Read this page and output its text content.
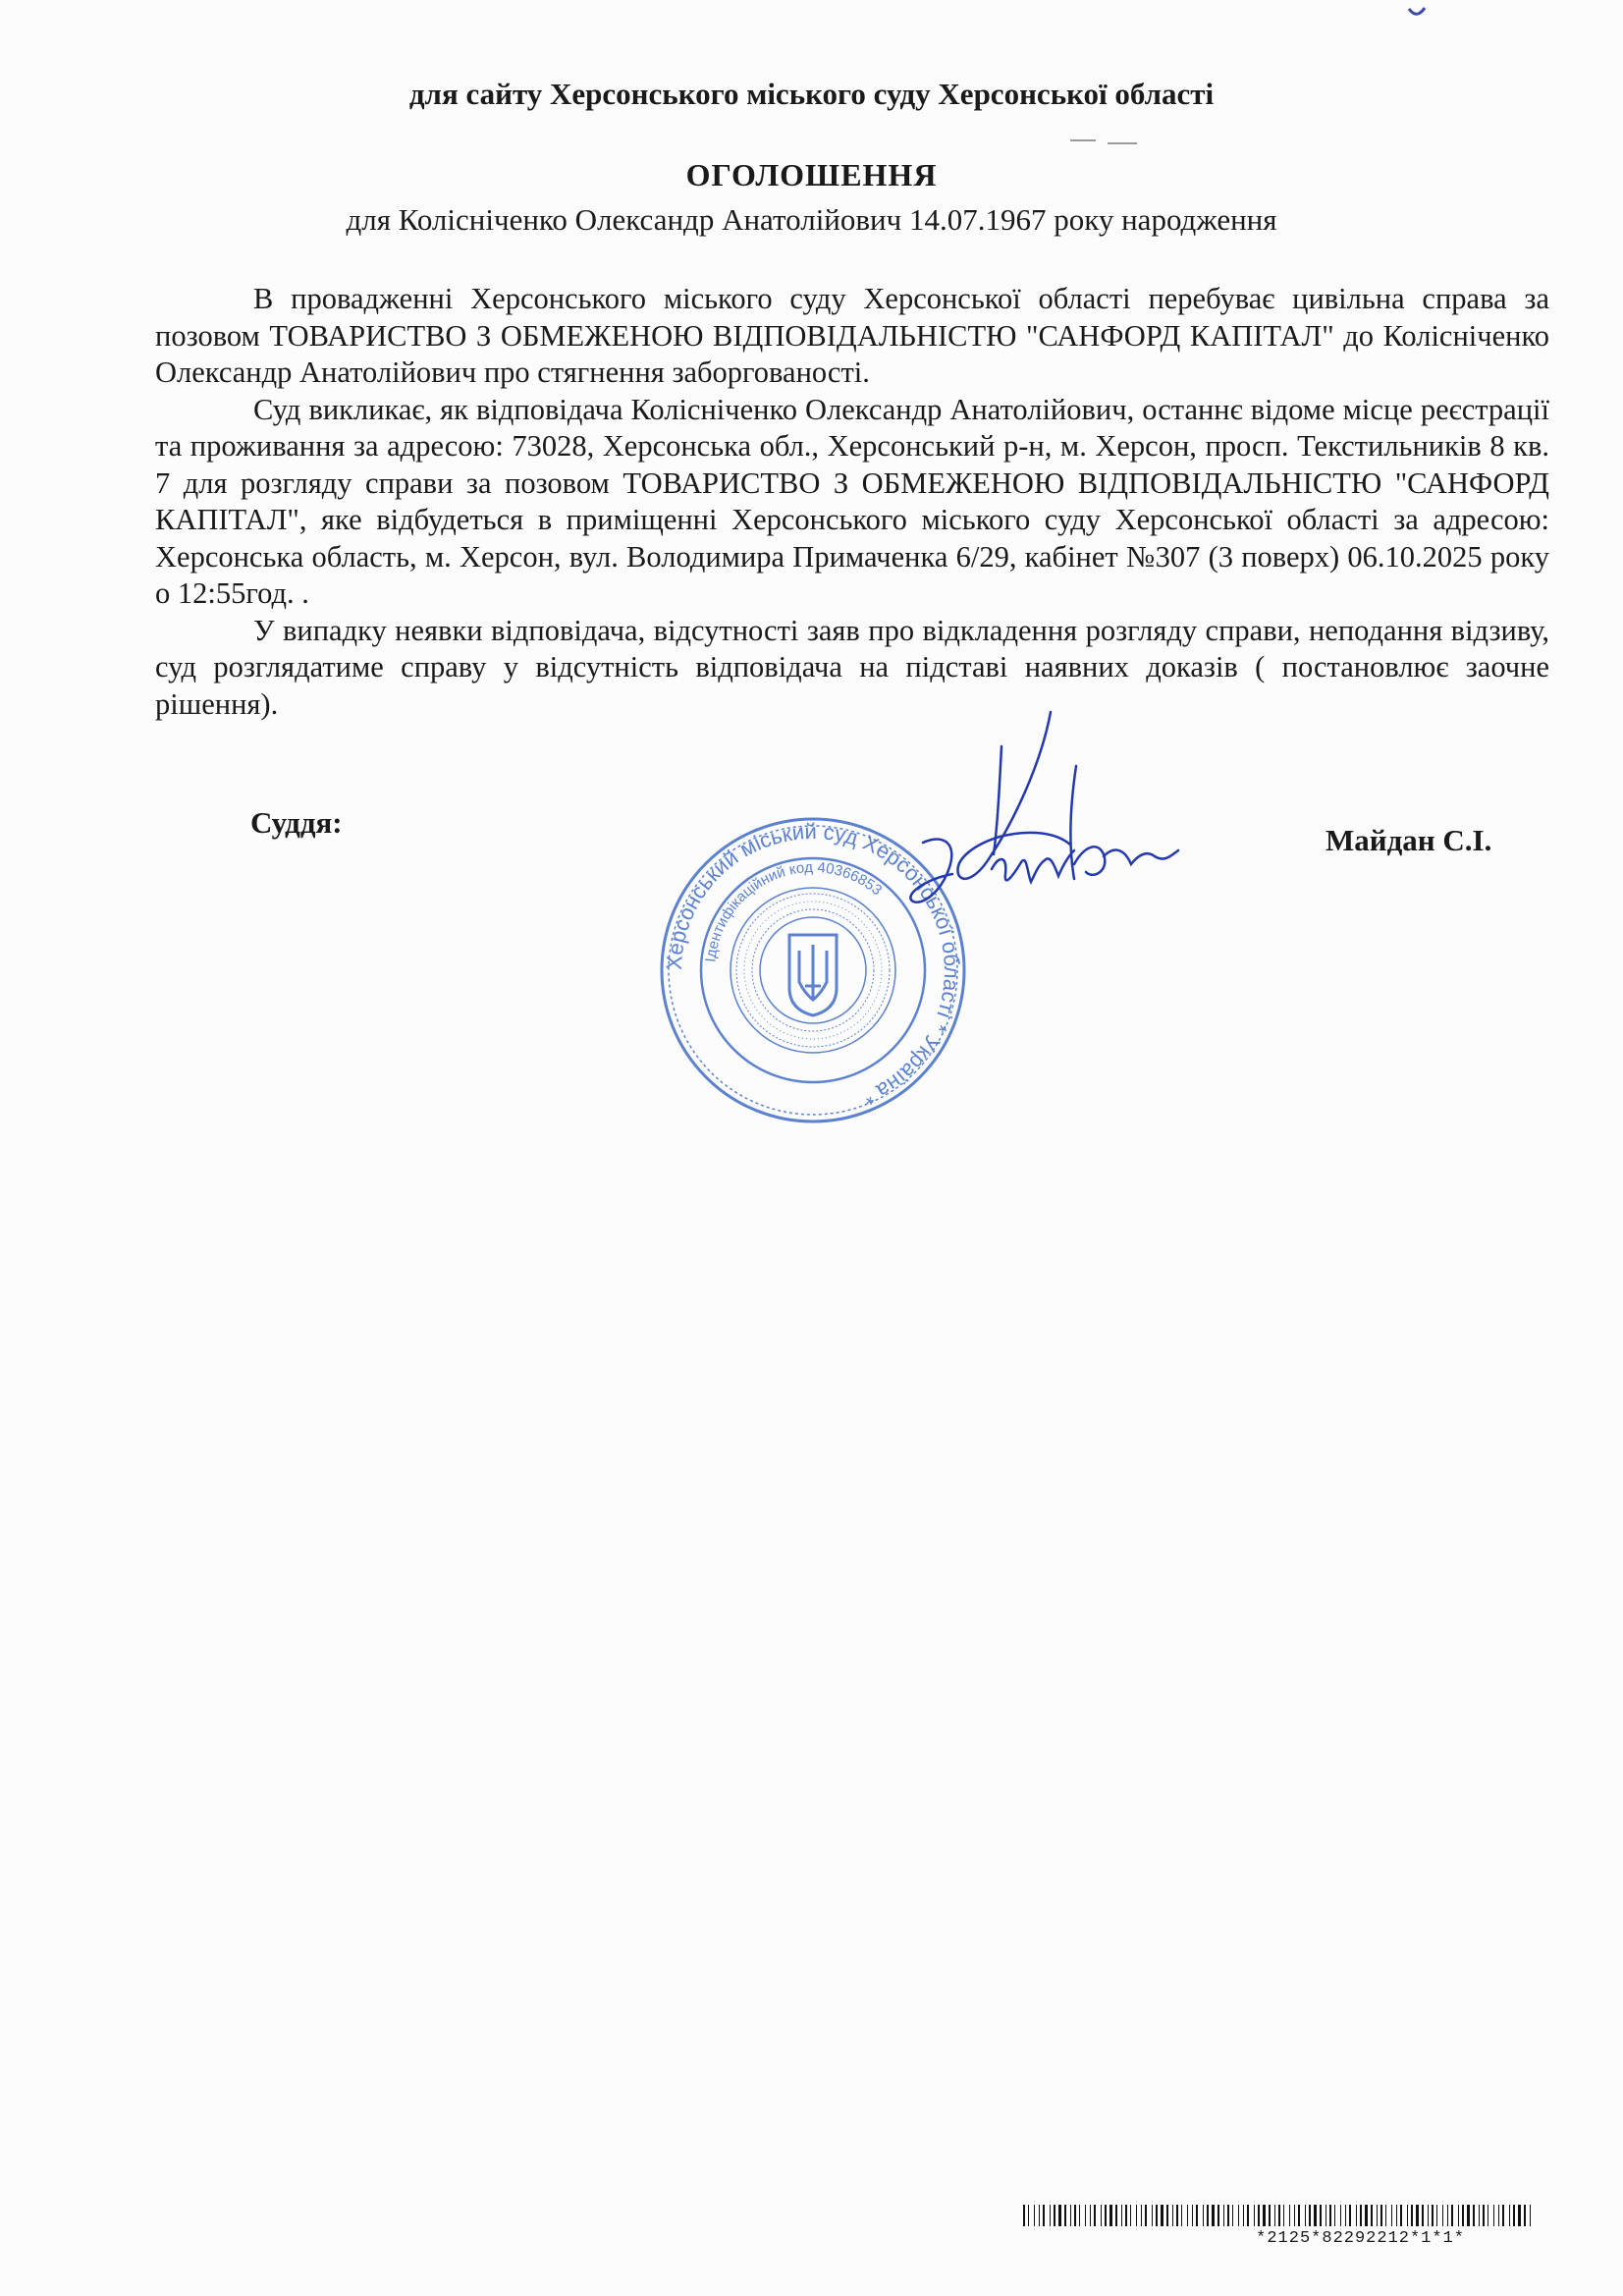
для сайту Херсонського міського суду Херсонської області
ОГОЛОШЕННЯ
для Колісніченко Олександр Анатолійович 14.07.1967 року народження

В провадженні Херсонського міського суду Херсонської області перебуває цивільна справа за позовом ТОВАРИСТВО З ОБМЕЖЕНОЮ ВІДПОВІДАЛЬНІСТЮ "САНФОРД КАПІТАЛ" до Колісніченко Олександр Анатолійович про стягнення заборгованості.

Суд викликає, як відповідача Колісніченко Олександр Анатолійович, останнє відоме місце реєстрації та проживання за адресою: 73028, Херсонська обл., Херсонський р-н, м. Херсон, просп. Текстильників 8 кв. 7 для розгляду справи за позовом ТОВАРИСТВО З ОБМЕЖЕНОЮ ВІДПОВІДАЛЬНІСТЮ "САНФОРД КАПІТАЛ", яке відбудеться в приміщенні Херсонського міського суду Херсонської області за адресою: Херсонська область, м. Херсон, вул. Володимира Примаченка 6/29, кабінет №307 (3 поверх) 06.10.2025 року о 12:55год. .

У випадку неявки відповідача, відсутності заяв про відкладення розгляду справи, неподання відзиву, суд розглядатиме справу у відсутність відповідача на підставі наявних доказів ( постановлює заочне рішення).

Суддя:
Майдан С.І.
Херсонський міський суд Херсонської області * Україна *
Ідентифікаційний код 40366853
*2125*82292212*1*1*
